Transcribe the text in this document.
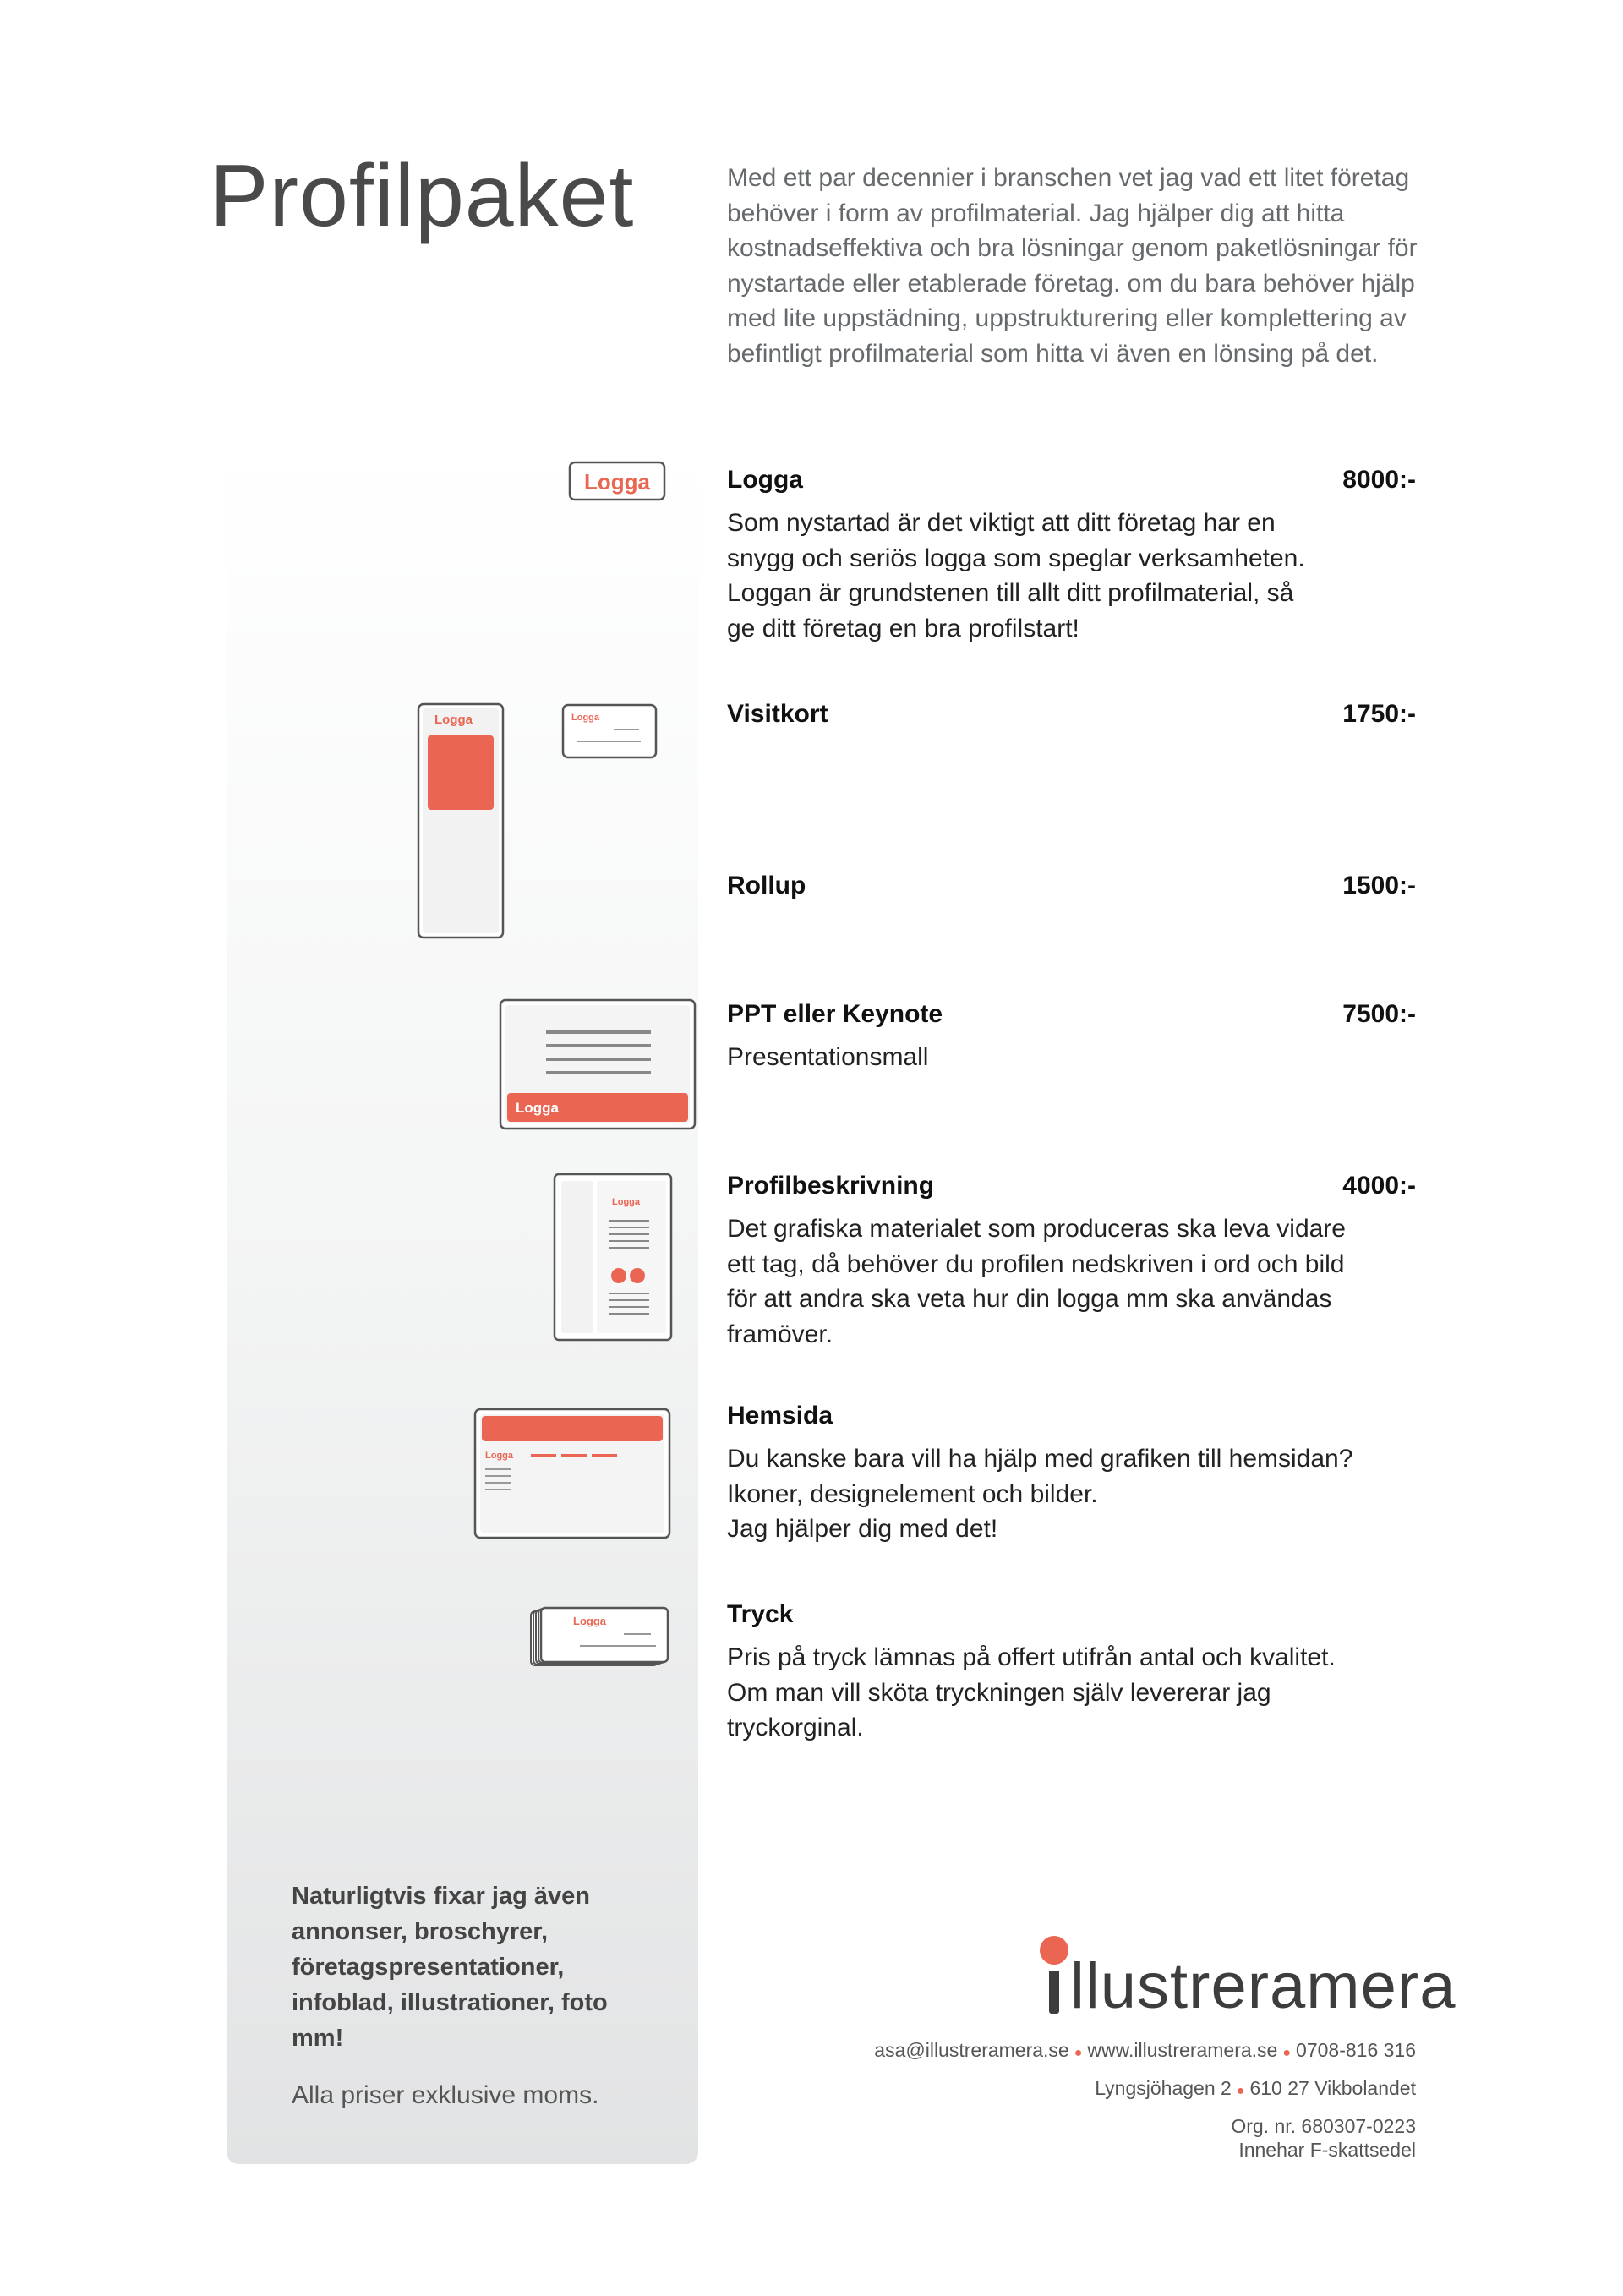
Profilpaket	Med ett par decennier i branschen vet jag vad ett litet företag behöver i form av profilmaterial. Jag hjälper dig att hitta kostnadseffektiva och bra lösningar genom paketlösningar för nystartade eller etablerade företag. om du bara behöver hjälp med lite uppstädning, uppstrukturering eller komplettering av befintligt profilmaterial som hitta vi även en lönsing på det.

Logga	8000:-
Som nystartad är det viktigt att ditt företag har en
snygg och seriös logga som speglar verksamheten.
Loggan är grundstenen till allt ditt profilmaterial, så
ge ditt företag en bra profilstart!
Visitkort	1750:-
Rollup	1500:-
PPT eller Keynote	7500:-
Presentationsmall
Profilbeskrivning	4000:-
Det grafiska materialet som produceras ska leva vidare
ett tag, då behöver du profilen nedskriven i ord och bild
för att andra ska veta hur din logga mm ska användas
framöver.
Hemsida
Du kanske bara vill ha hjälp med grafiken till hemsidan?
Ikoner, designelement och bilder.
Jag hjälper dig med det!
Tryck
Pris på tryck lämnas på offert utifrån antal och kvalitet.
Om man vill sköta tryckningen själv levererar jag
tryckorginal.
Logga
Logga	Logga
Logga
Logga
Logga
Logga
Naturligtvis fixar jag även annonser, broschyrer, företagspresentationer, infoblad, illustrationer, foto mm!
Alla priser exklusive moms.
llustreramera
asa@illustreramera.se ● www.illustreramera.se ● 0708-816 316
Lyngsjöhagen 2 ● 610 27 Vikbolandet
Org. nr. 680307-0223
Innehar F-skattsedel
